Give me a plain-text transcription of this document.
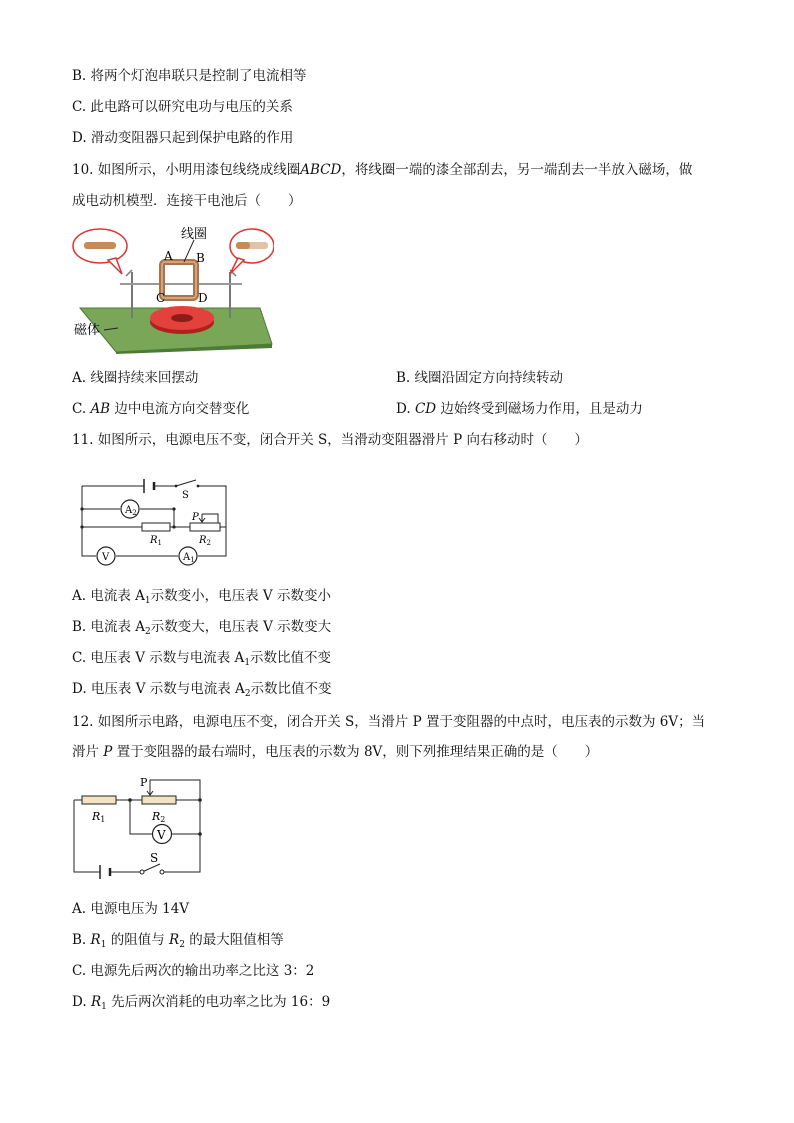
B. 将两个灯泡串联只是控制了电流相等
C. 此电路可以研究电功与电压的关系
D. 滑动变阻器只起到保护电路的作用
10. 如图所示，小明用漆包线绕成线圈ABCD，将线圈一端的漆全部刮去，另一端刮去一半放入磁场，做
成电动机模型．连接干电池后（　　）
线圈
A B
C	D
磁体
A. 线圈持续来回摆动	B. 线圈沿固定方向持续转动
C. AB 边中电流方向交替变化	D. CD 边始终受到磁场力作用，且是动力
11. 如图所示，电源电压不变，闭合开关 S，当滑动变阻器滑片 P 向右移动时（　　）
S
$A_2$
V	$A_1$
P
$R_1$	$R_2$
A. 电流表 $A_1$示数变小，电压表 V 示数变小
B. 电流表 $A_2$示数变大，电压表 V 示数变大
C. 电压表 V 示数与电流表 $A_1$示数比值不变
D. 电压表 V 示数与电流表 $A_2$示数比值不变
12. 如图所示电路，电源电压不变，闭合开关 S，当滑片 P 置于变阻器的中点时，电压表的示数为 6V；当
滑片 P 置于变阻器的最右端时，电压表的示数为 8V，则下列推理结果正确的是（　　）
P
R1	R2
V
S
A. 电源电压为 14V
B. $R_1$ 的阻值与 $R_2$ 的最大阻值相等
C. 电源先后两次的输出功率之比这 3：2
D. $R_1$ 先后两次消耗的电功率之比为 16：9
